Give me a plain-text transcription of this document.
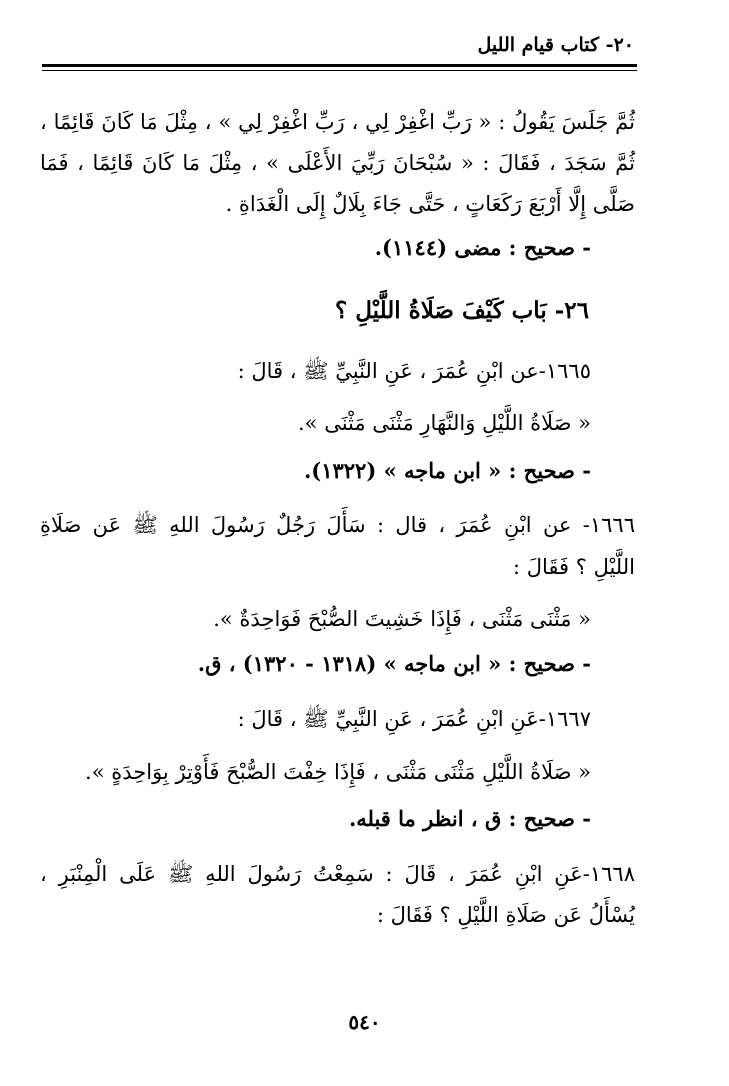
٢٠- كتاب قيام الليل
ثُمَّ جَلَسَ يَقُولُ : « رَبِّ اغْفِرْ لِي ، رَبِّ اغْفِرْ لِي » ، مِثْلَ مَا كَانَ قَائِمًا ،
ثُمَّ سَجَدَ ، فَقَالَ : « سُبْحَانَ رَبِّيَ الأَعْلَى » ، مِثْلَ مَا كَانَ قَائِمًا ، فَمَا
صَلَّى إِلَّا أَرْبَعَ رَكَعَاتٍ ، حَتَّى جَاءَ بِلَالٌ إِلَى الْغَدَاةِ .
- صحيح : مضى (١١٤٤).
٢٦- بَاب كَيْفَ صَلَاةُ اللَّيْلِ ؟
١٦٦٥-عن ابْنِ عُمَرَ ، عَنِ النَّبِيِّ ﷺ ، قَالَ :
« صَلَاةُ اللَّيْلِ وَالنَّهَارِ مَثْنَى مَثْنَى ».
- صحيح : « ابن ماجه » (١٣٢٢).
١٦٦٦- عن ابْنِ عُمَرَ ، قال : سَأَلَ رَجُلٌ رَسُولَ اللهِ ﷺ عَن صَلَاةِ
اللَّيْلِ ؟ فَقَالَ :
« مَثْنَى مَثْنَى ، فَإِذَا خَشِيتَ الصُّبْحَ فَوَاحِدَةٌ ».
- صحيح : « ابن ماجه » (١٣١٨ - ١٣٢٠) ، ق.
١٦٦٧-عَنِ ابْنِ عُمَرَ ، عَنِ النَّبِيِّ ﷺ ، قَالَ :
« صَلَاةُ اللَّيْلِ مَثْنَى مَثْنَى ، فَإِذَا خِفْتَ الصُّبْحَ فَأَوْتِرْ بِوَاحِدَةٍ ».
- صحيح : ق ، انظر ما قبله.
١٦٦٨-عَنِ ابْنِ عُمَرَ ، قَالَ : سَمِعْتُ رَسُولَ اللهِ ﷺ عَلَى الْمِنْبَرِ ،
يُسْأَلُ عَن صَلَاةِ اللَّيْلِ ؟ فَقَالَ :
٥٤٠
